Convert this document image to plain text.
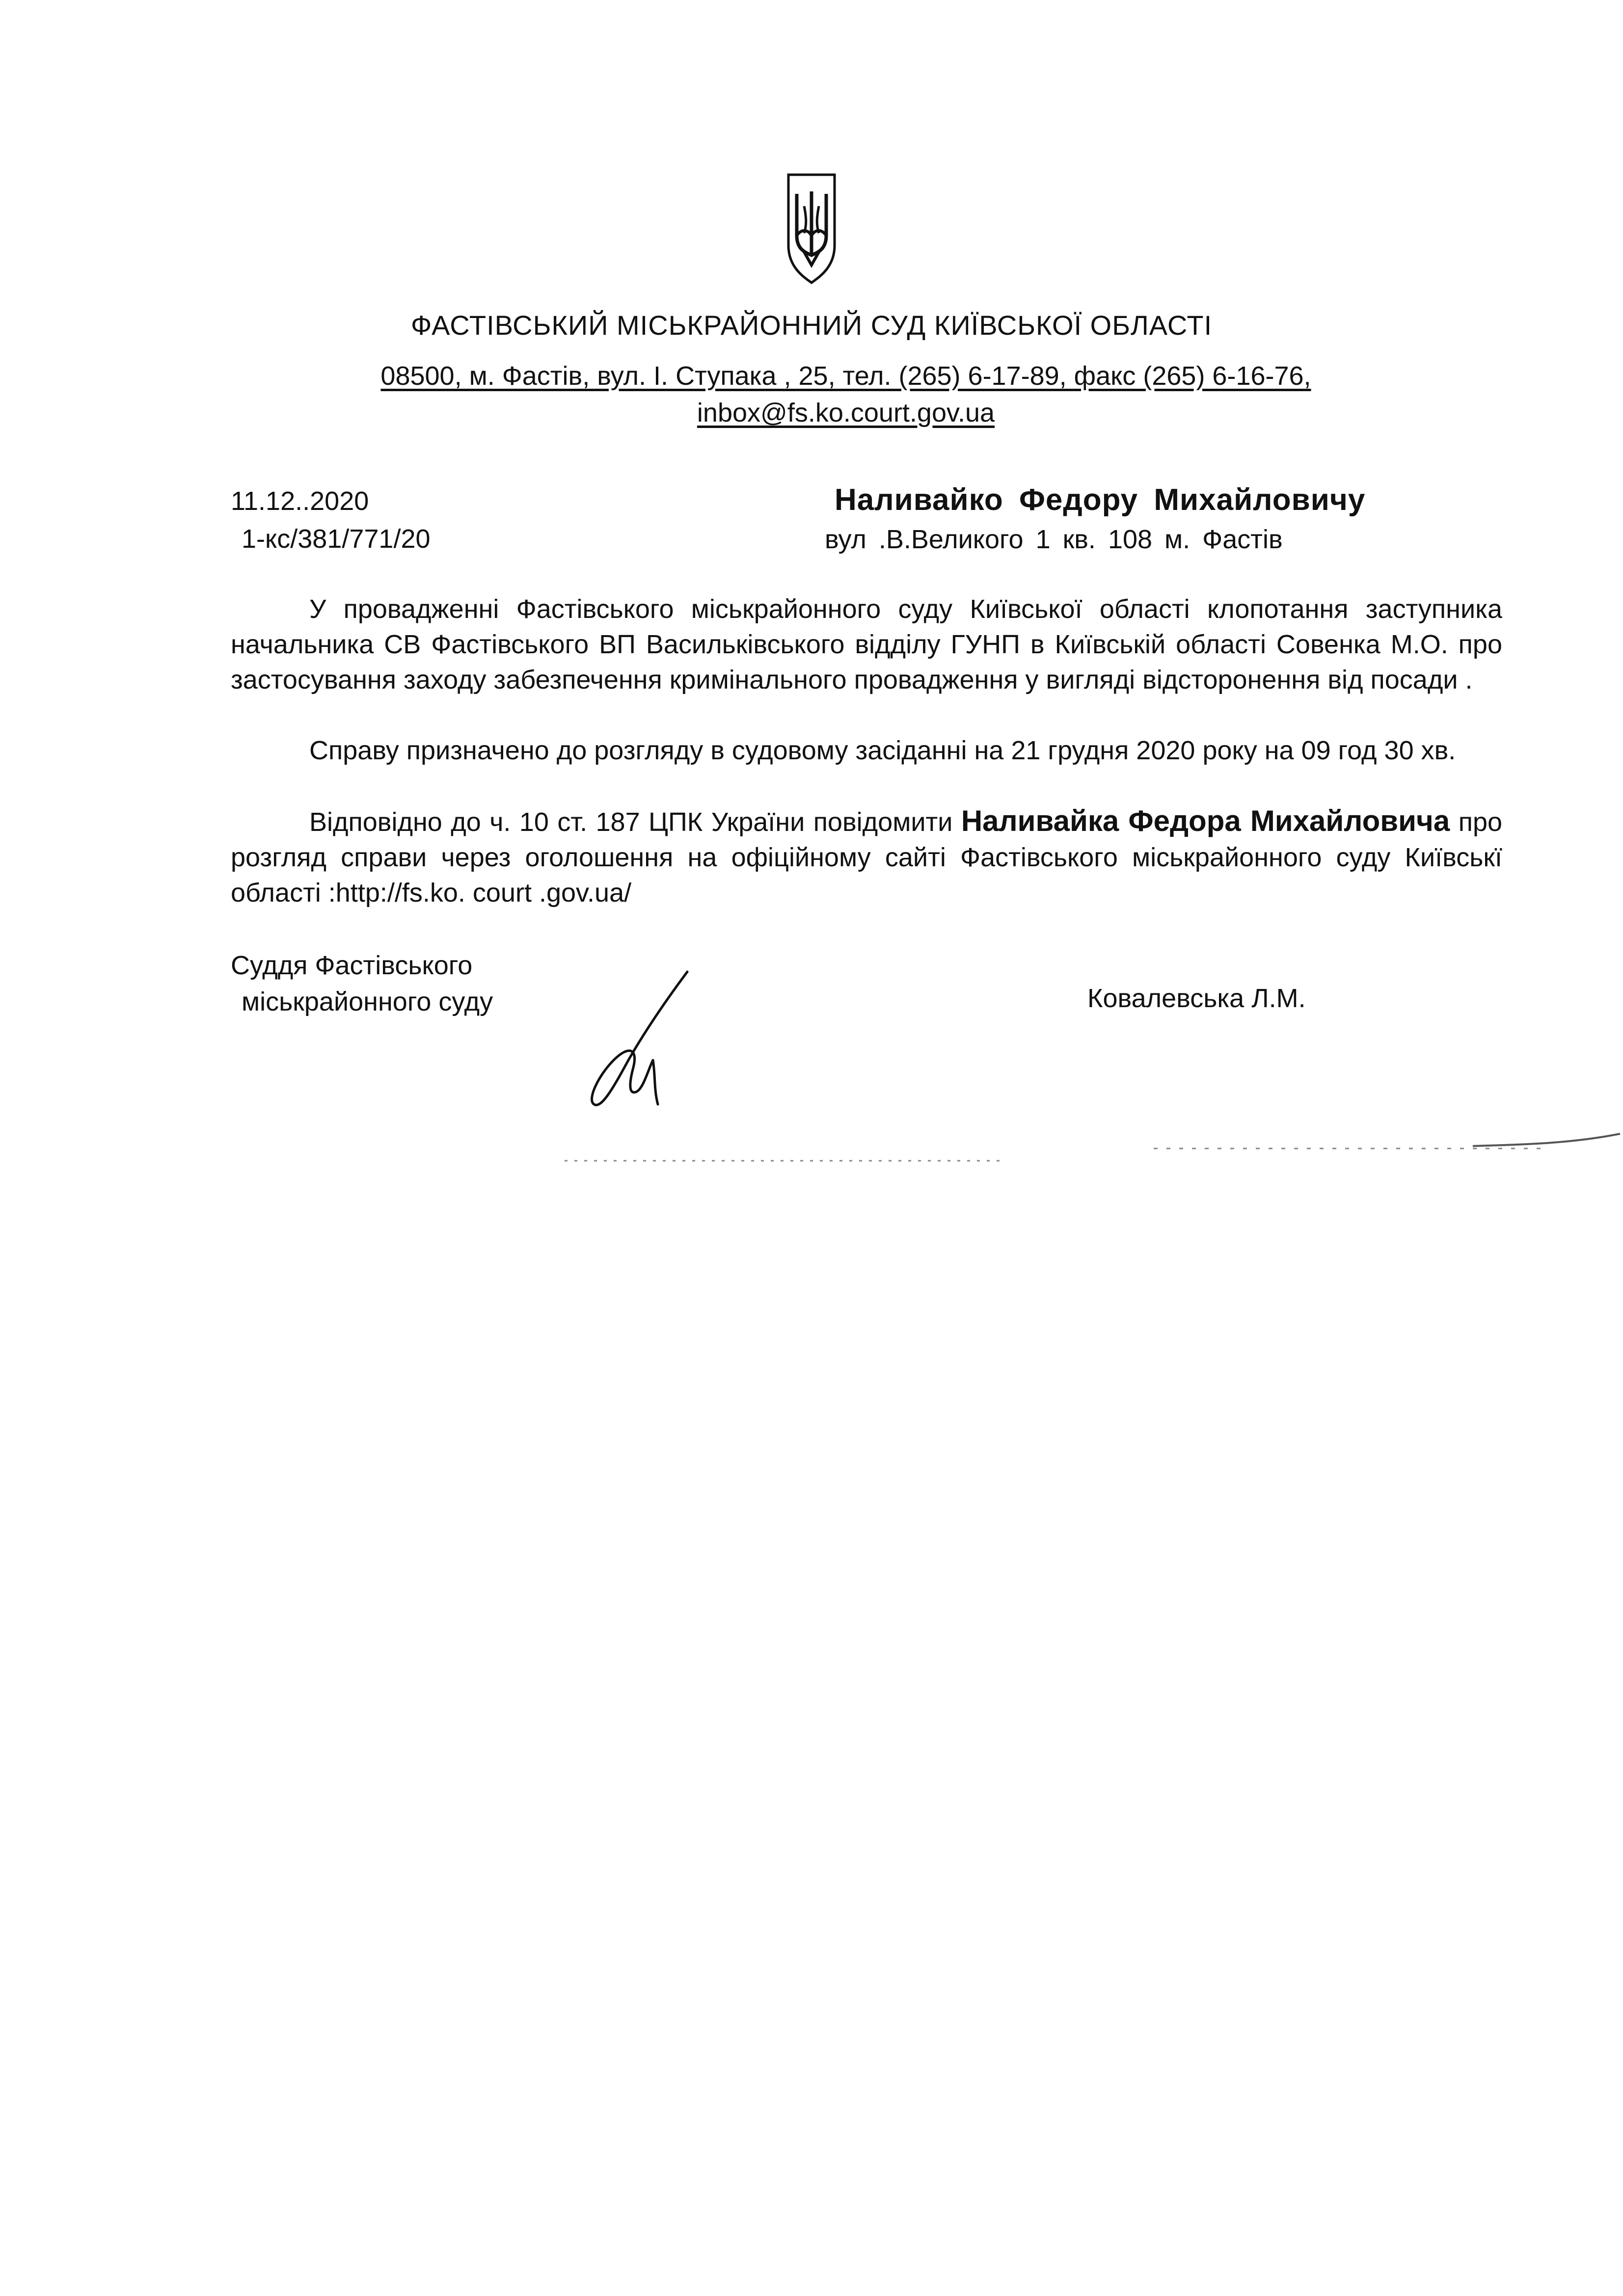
ФАСТІВСЬКИЙ МІСЬКРАЙОННИЙ СУД КИЇВСЬКОЇ ОБЛАСТІ
08500, м. Фастів, вул. І. Ступака , 25, тел. (265) 6-17-89, факс (265) 6-16-76,
inbox@fs.ko.court.gov.ua
11.12..2020
1-кс/381/771/20
Наливайко Федору Михайловичу
вул .В.Великого 1 кв. 108 м. Фастів

У провадженні Фастівського міськрайонного суду Київської області клопотання заступника начальника СВ Фастівського ВП Васильківського відділу ГУНП в Київській області Совенка М.О. про застосування заходу забезпечення кримінального провадження у вигляді відсторонення від посади .

Справу призначено до розгляду в судовому засіданні на 21 грудня 2020 року на 09 год 30 хв.

Відповідно до ч. 10 ст. 187 ЦПК України повідомити Наливайка Федора Михайловича про розгляд справи через оголошення на офіційному сайті Фастівського міськрайонного суду Київськї області :http://fs.ko. court .gov.ua/

Суддя Фастівського
міськрайонного суду	Ковалевська Л.М.
